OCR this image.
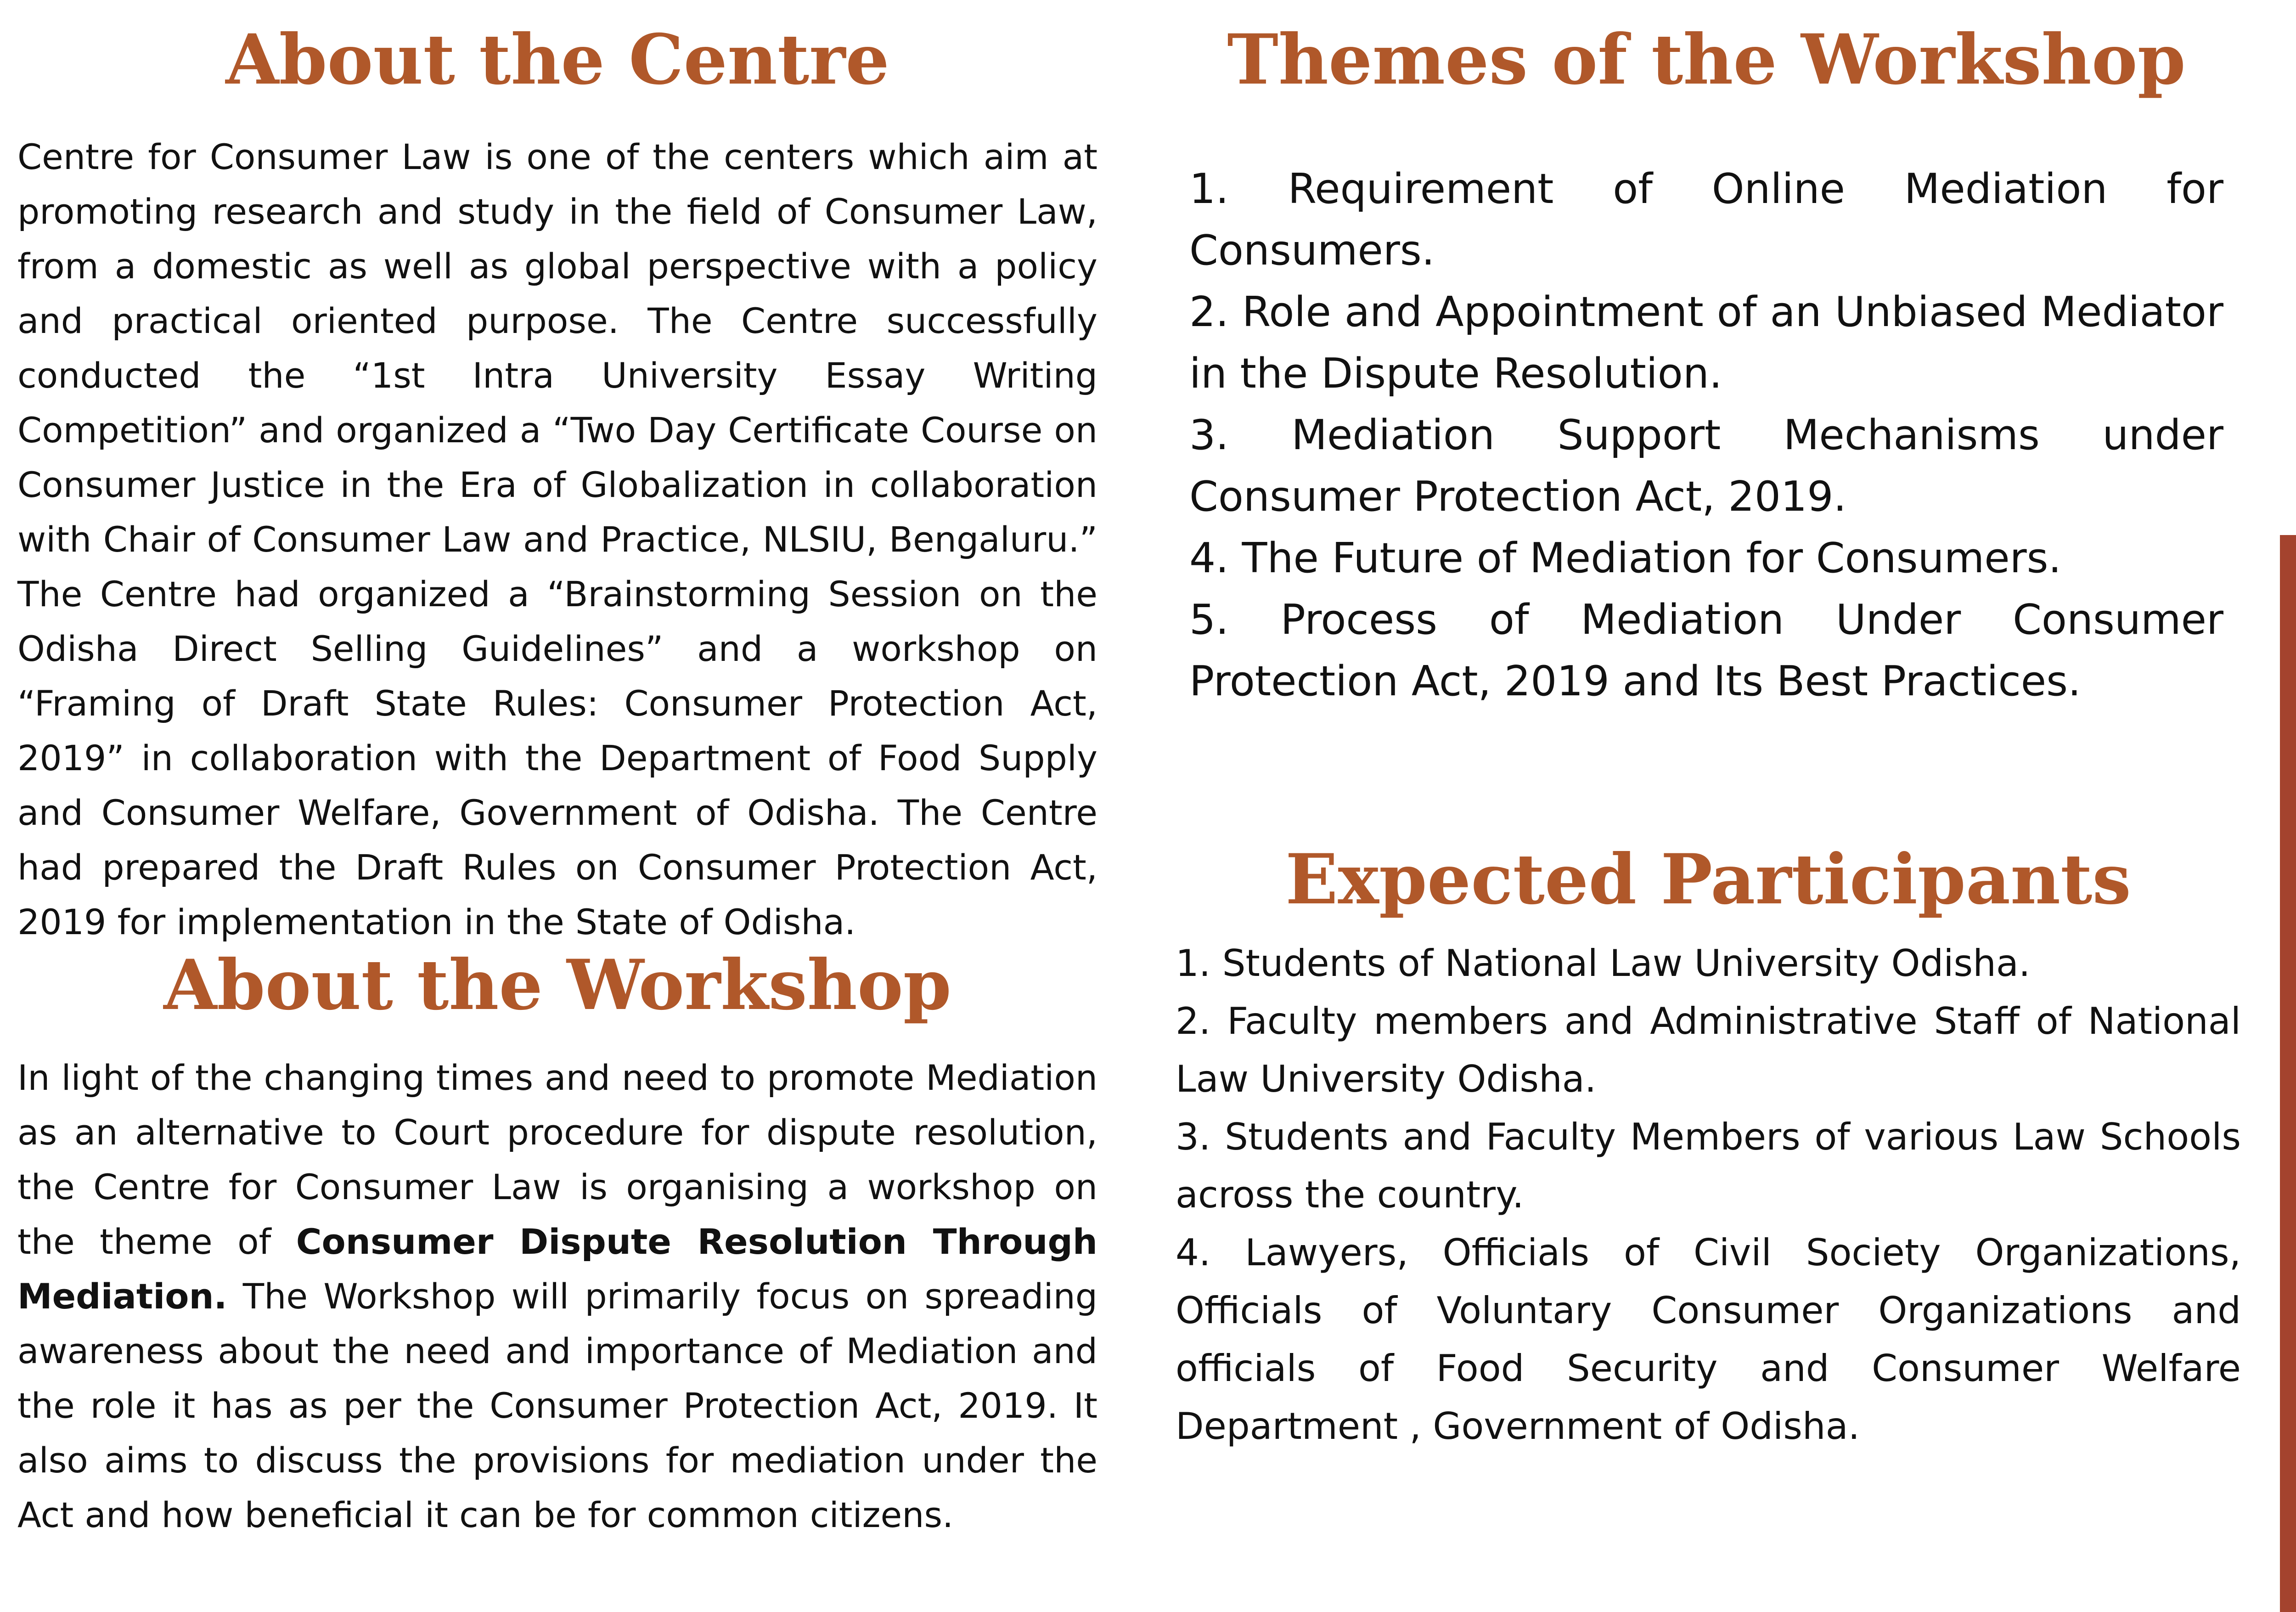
About the Centre

Centre for Consumer Law is one of the centers which aim at promoting research and study in the field of Consumer Law, from a domestic as well as global perspective with a policy and practical oriented purpose. The Centre successfully conducted the “1st Intra University Essay Writing Competition” and organized a “Two Day Certificate Course on Consumer Justice in the Era of Globalization in collaboration with Chair of Consumer Law and Practice, NLSIU, Bengaluru.” The Centre had organized a “Brainstorming Session on the Odisha Direct Selling Guidelines” and a workshop on “Framing of Draft State Rules: Consumer Protection Act, 2019” in collaboration with the Department of Food Supply and Consumer Welfare, Government of Odisha. The Centre had prepared the Draft Rules on Consumer Protection Act, 2019 for implementation in the State of Odisha.

About the Workshop

In light of the changing times and need to promote Mediation as an alternative to Court procedure for dispute resolution, the Centre for Consumer Law is organising a workshop on the theme of Consumer Dispute Resolution Through Mediation. The Workshop will primarily focus on spreading awareness about the need and importance of Mediation and the role it has as per the Consumer Protection Act, 2019. It also aims to discuss the provisions for mediation under the Act and how beneficial it can be for common citizens.

Themes of the Workshop
1. Requirement of Online Mediation for Consumers.
2. Role and Appointment of an Unbiased Mediator in the Dispute Resolution.
3. Mediation Support Mechanisms under Consumer Protection Act, 2019.
4. The Future of Mediation for Consumers.
5. Process of Mediation Under Consumer Protection Act, 2019 and Its Best Practices.
Expected Participants
1. Students of National Law University Odisha.
2. Faculty members and Administrative Staff of National Law University Odisha.
3. Students and Faculty Members of various Law Schools across the country.
4. Lawyers, Officials of Civil Society Organizations, Officials of Voluntary Consumer Organizations and officials of Food Security and Consumer Welfare Department , Government of Odisha.
